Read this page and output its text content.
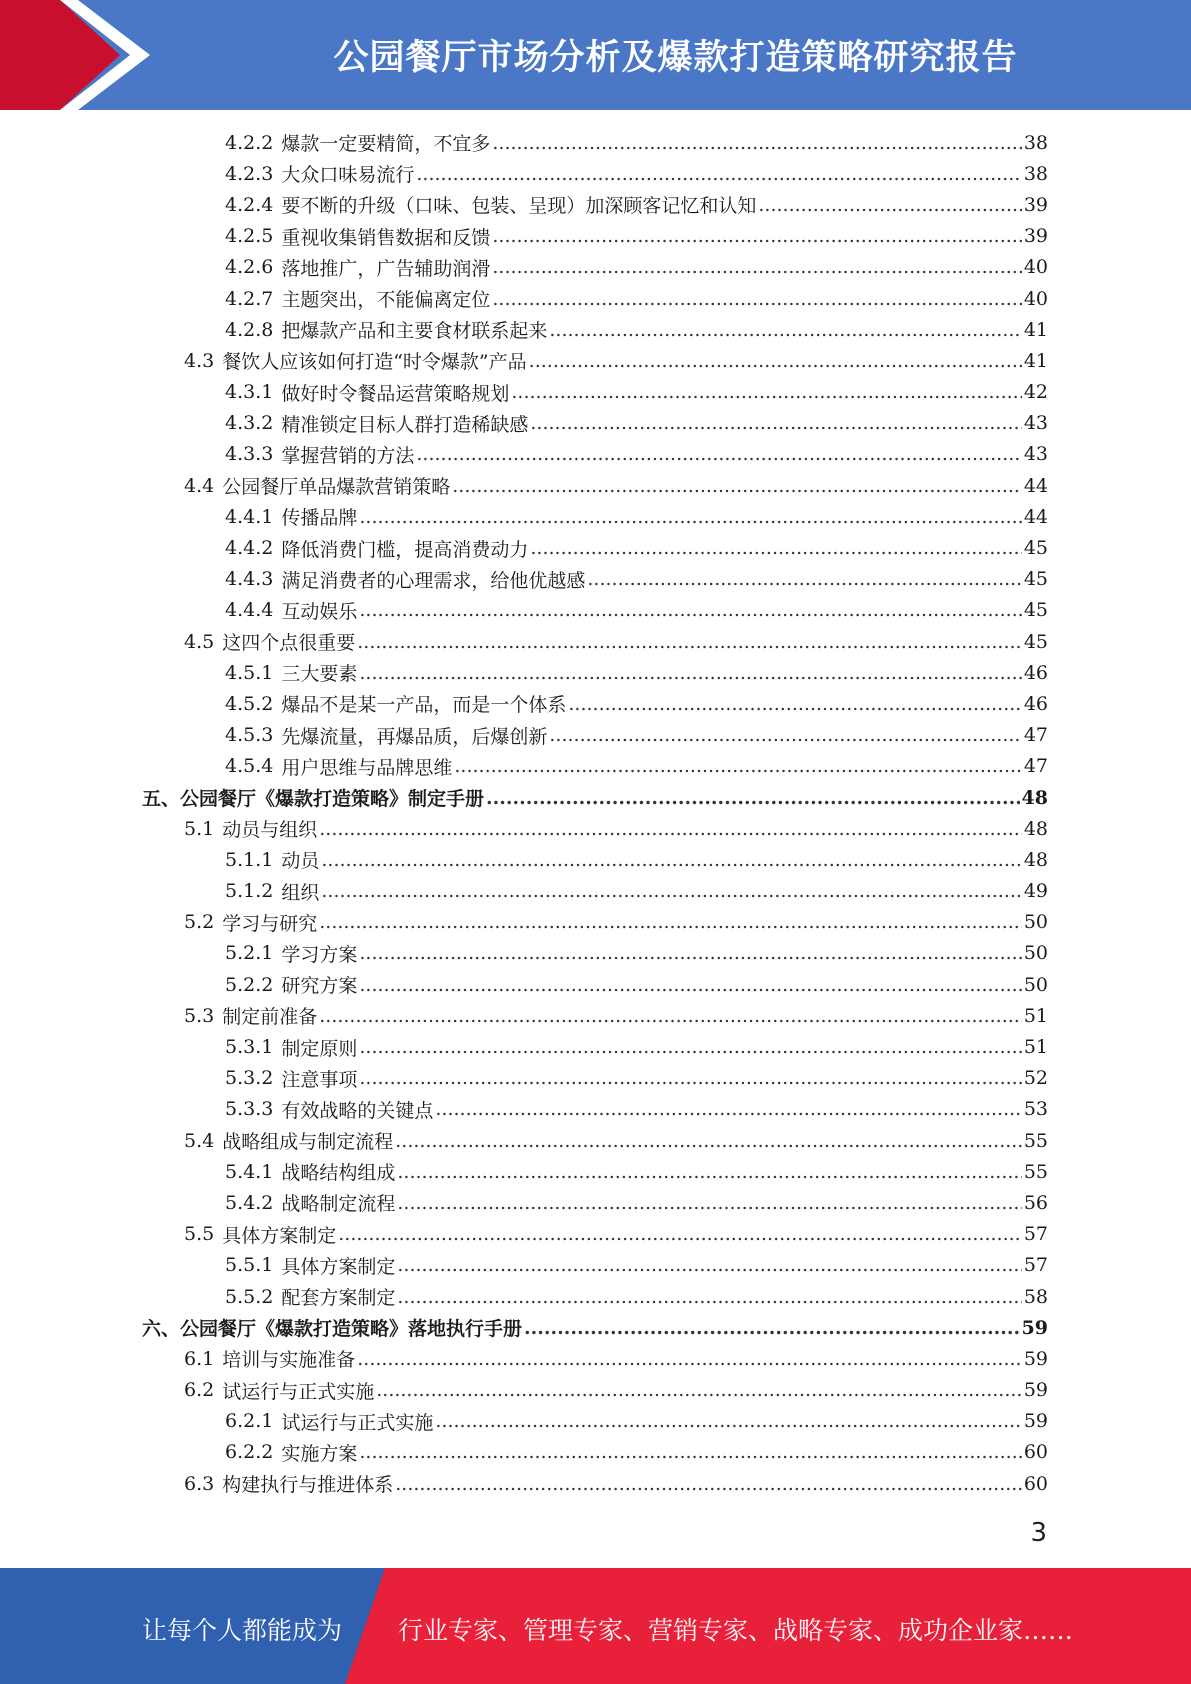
公园餐厅市场分析及爆款打造策略研究报告
4.2.2 爆款一定要精简，不宜多 .....	38
4.2.3 大众口味易流行 .....	38
4.2.4 要不断的升级（口味、包装、呈现）加深顾客记忆和认知 .....	39
4.2.5 重视收集销售数据和反馈 .....	39
4.2.6 落地推广，广告辅助润滑 .....	40
4.2.7 主题突出，不能偏离定位 .....	40
4.2.8 把爆款产品和主要食材联系起来 .....	41
4.3 餐饮人应该如何打造“时令爆款”产品 .....	41
4.3.1 做好时令餐品运营策略规划 .....	42
4.3.2 精准锁定目标人群打造稀缺感 .....	43
4.3.3 掌握营销的方法 .....	43
4.4 公园餐厅单品爆款营销策略 .....	44
4.4.1 传播品牌 .....	44
4.4.2 降低消费门槛，提高消费动力 .....	45
4.4.3 满足消费者的心理需求，给他优越感 .....	45
4.4.4 互动娱乐 .....	45
4.5 这四个点很重要 .....	45
4.5.1 三大要素 .....	46
4.5.2 爆品不是某一产品，而是一个体系 .....	46
4.5.3 先爆流量，再爆品质，后爆创新 .....	47
4.5.4 用户思维与品牌思维 .....	47
五、 公园餐厅《爆款打造策略》制定手册 .....	48
5.1 动员与组织 .....	48
5.1.1 动员 .....	48
5.1.2 组织 .....	49
5.2 学习与研究 .....	50
5.2.1 学习方案 .....	50
5.2.2 研究方案 .....	50
5.3 制定前准备 .....	51
5.3.1 制定原则 .....	51
5.3.2 注意事项 .....	52
5.3.3 有效战略的关键点 .....	53
5.4 战略组成与制定流程 .....	55
5.4.1 战略结构组成 .....	55
5.4.2 战略制定流程 .....	56
5.5 具体方案制定 .....	57
5.5.1 具体方案制定 .....	57
5.5.2 配套方案制定 .....	58
六、 公园餐厅《爆款打造策略》落地执行手册 .....	59
6.1 培训与实施准备 .....	59
6.2 试运行与正式实施 .....	59
6.2.1 试运行与正式实施 .....	59
6.2.2 实施方案 .....	60
6.3 构建执行与推进体系 .....	60
3
让每个人都能成为 行业专家、管理专家、营销专家、战略专家、成功企业家……
